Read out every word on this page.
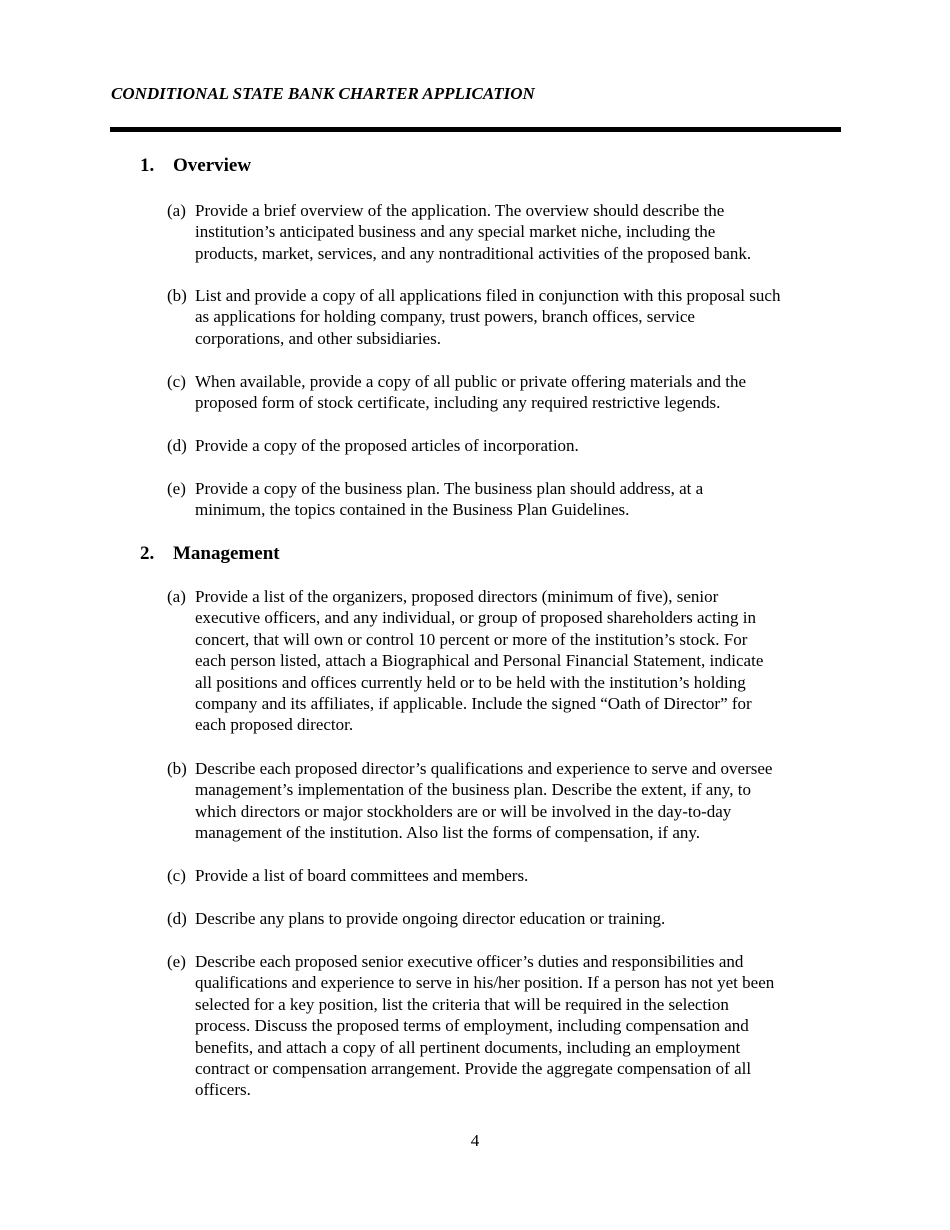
CONDITIONAL STATE BANK CHARTER APPLICATION
1. Overview
(a) Provide a brief overview of the application. The overview should describe the
institution’s anticipated business and any special market niche, including the
products, market, services, and any nontraditional activities of the proposed bank.
(b) List and provide a copy of all applications filed in conjunction with this proposal such
as applications for holding company, trust powers, branch offices, service
corporations, and other subsidiaries.
(c) When available, provide a copy of all public or private offering materials and the
proposed form of stock certificate, including any required restrictive legends.
(d) Provide a copy of the proposed articles of incorporation.
(e) Provide a copy of the business plan. The business plan should address, at a
minimum, the topics contained in the Business Plan Guidelines.
2. Management
(a) Provide a list of the organizers, proposed directors (minimum of five), senior
executive officers, and any individual, or group of proposed shareholders acting in
concert, that will own or control 10 percent or more of the institution’s stock. For
each person listed, attach a Biographical and Personal Financial Statement, indicate
all positions and offices currently held or to be held with the institution’s holding
company and its affiliates, if applicable. Include the signed “Oath of Director” for
each proposed director.
(b) Describe each proposed director’s qualifications and experience to serve and oversee
management’s implementation of the business plan. Describe the extent, if any, to
which directors or major stockholders are or will be involved in the day-to-day
management of the institution. Also list the forms of compensation, if any.
(c) Provide a list of board committees and members.
(d) Describe any plans to provide ongoing director education or training.
(e) Describe each proposed senior executive officer’s duties and responsibilities and
qualifications and experience to serve in his/her position. If a person has not yet been
selected for a key position, list the criteria that will be required in the selection
process. Discuss the proposed terms of employment, including compensation and
benefits, and attach a copy of all pertinent documents, including an employment
contract or compensation arrangement. Provide the aggregate compensation of all
officers.
4
